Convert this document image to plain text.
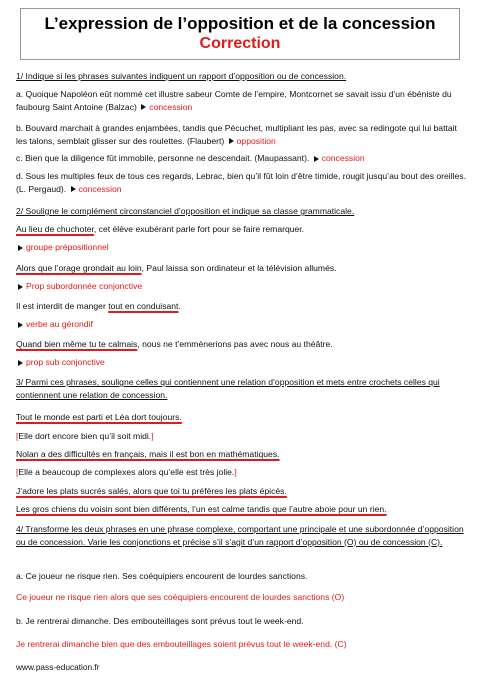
L’expression de l’opposition et de la concession
Correction
1/ Indique si les phrases suivantes indiquent un rapport d’opposition ou de concession.
a. Quoique Napoléon eût nommé cet illustre sabeur Comte de l’empire, Montcornet se savait issu d’un ébéniste du faubourg Saint Antoine (Balzac) concession
b. Bouvard marchait à grandes enjambées, tandis que Pécuchet, multipliant les pas, avec sa redingote qui lui battait les talons, semblait glisser sur des roulettes. (Flaubert) opposition
c. Bien que la diligence fût immobile, personne ne descendait. (Maupassant). concession
d. Sous les multiples feux de tous ces regards, Lebrac, bien qu’il fût loin d’être timide, rougit jusqu’au bout des oreilles. (L. Pergaud). concession
2/ Souligne le complément circonstanciel d’opposition et indique sa classe grammaticale.
Au lieu de chuchoter, cet élève exubérant parle fort pour se faire remarquer.
groupe prépositionnel
Alors que l’orage grondait au loin, Paul laissa son ordinateur et la télévision allumés.
Prop subordonnée conjonctive
Il est interdit de manger tout en conduisant.
verbe au gérondif
Quand bien même tu te calmais, nous ne t’emmènerions pas avec nous au théâtre.
prop sub conjonctive
3/ Parmi ces phrases, souligne celles qui contiennent une relation d’opposition et mets entre crochets celles qui contiennent une relation de concession.
Tout le monde est parti et Léa dort toujours.
[Elle dort encore bien qu’il soit midi.]
Nolan a des difficultés en français, mais il est bon en mathématiques.
[Elle a beaucoup de complexes alors qu’elle est très jolie.]
J’adore les plats sucrés salés, alors que toi tu préfères les plats épicés.
Les gros chiens du voisin sont bien différents, l’un est calme tandis que l’autre aboie pour un rien.
4/ Transforme les deux phrases en une phrase complexe, comportant une principale et une subordonnée d’opposition ou de concession. Varie les conjonctions et précise s’il s’agit d’un rapport d’opposition (O) ou de concession (C).
a. Ce joueur ne risque rien. Ses coéquipiers encourent de lourdes sanctions.
Ce joueur ne risque rien alors que ses coéquipiers encourent de lourdes sanctions (O)
b. Je rentrerai dimanche. Des embouteillages sont prévus tout le week-end.
Je rentrerai dimanche bien que des embouteillages soient prévus tout le week-end. (C)
www.pass-education.fr
